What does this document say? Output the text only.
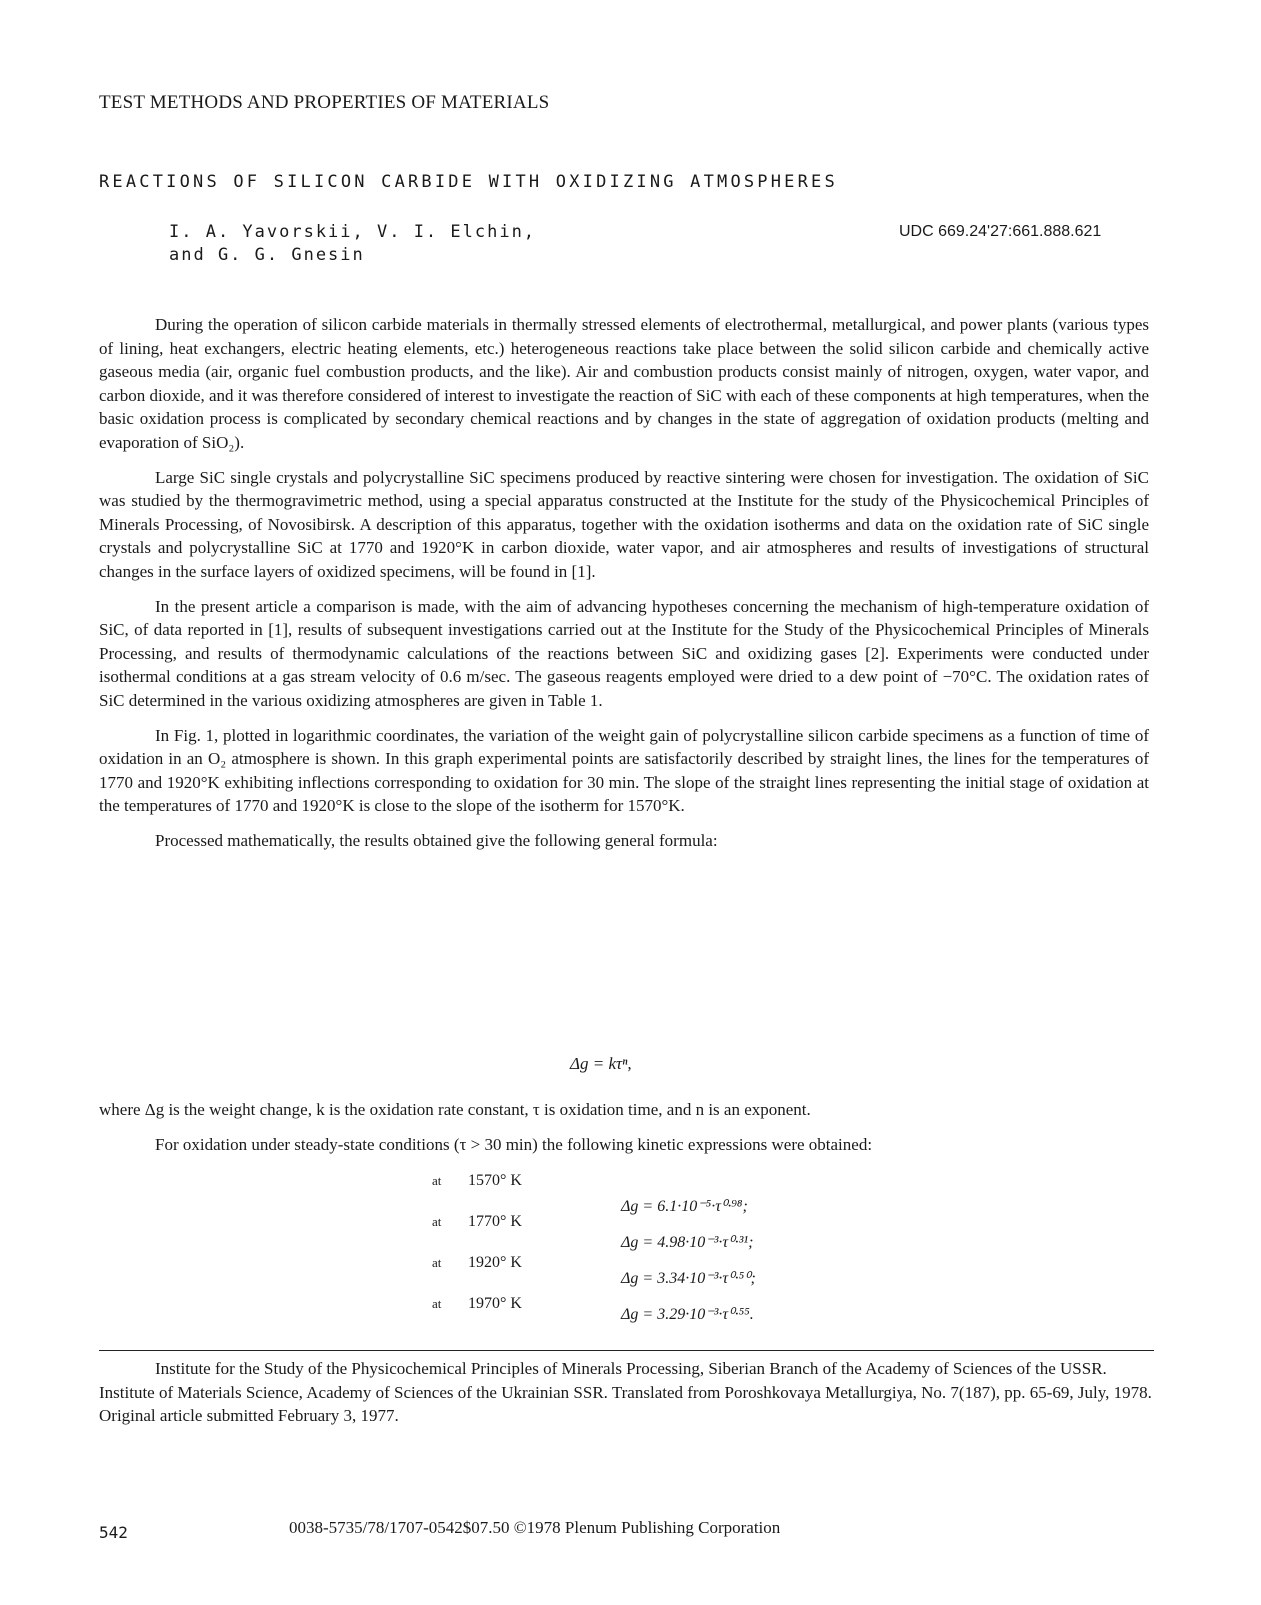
TEST METHODS AND PROPERTIES OF MATERIALS
REACTIONS OF SILICON CARBIDE WITH OXIDIZING ATMOSPHERES
I. A. Yavorskii, V. I. Elchin,
and G. G. Gnesin
UDC 669.24'27:661.888.621

During the operation of silicon carbide materials in thermally stressed elements of electrothermal, metallurgical, and power plants (various types of lining, heat exchangers, electric heating elements, etc.) heterogeneous reactions take place between the solid silicon carbide and chemically active gaseous media (air, organic fuel combustion products, and the like). Air and combustion products consist mainly of nitrogen, oxygen, water vapor, and carbon dioxide, and it was therefore considered of interest to investigate the reaction of SiC with each of these components at high temperatures, when the basic oxidation process is complicated by secondary chemical reactions and by changes in the state of aggregation of oxidation products (melting and evaporation of SiO₂).

Large SiC single crystals and polycrystalline SiC specimens produced by reactive sintering were chosen for investigation. The oxidation of SiC was studied by the thermogravimetric method, using a special apparatus constructed at the Institute for the study of the Physicochemical Principles of Minerals Processing, of Novosibirsk. A description of this apparatus, together with the oxidation isotherms and data on the oxidation rate of SiC single crystals and polycrystalline SiC at 1770 and 1920°K in carbon dioxide, water vapor, and air atmospheres and results of investigations of structural changes in the surface layers of oxidized specimens, will be found in [1].

In the present article a comparison is made, with the aim of advancing hypotheses concerning the mechanism of high-temperature oxidation of SiC, of data reported in [1], results of subsequent investigations carried out at the Institute for the Study of the Physicochemical Principles of Minerals Processing, and results of thermodynamic calculations of the reactions between SiC and oxidizing gases [2]. Experiments were conducted under isothermal conditions at a gas stream velocity of 0.6 m/sec. The gaseous reagents employed were dried to a dew point of −70°C. The oxidation rates of SiC determined in the various oxidizing atmospheres are given in Table 1.

In Fig. 1, plotted in logarithmic coordinates, the variation of the weight gain of polycrystalline silicon carbide specimens as a function of time of oxidation in an O₂ atmosphere is shown. In this graph experimental points are satisfactorily described by straight lines, the lines for the temperatures of 1770 and 1920°K exhibiting inflections corresponding to oxidation for 30 min. The slope of the straight lines representing the initial stage of oxidation at the temperatures of 1770 and 1920°K is close to the slope of the isotherm for 1570°K.

Processed mathematically, the results obtained give the following general formula:

Δg = kτⁿ,

where Δg is the weight change, k is the oxidation rate constant, τ is oxidation time, and n is an exponent.

For oxidation under steady-state conditions (τ > 30 min) the following kinetic expressions were obtained:

at 1570° K
at 1770° K
at 1920° K
at 1970° K
Δg = 6.1·10⁻⁵·τ⁰·⁹⁸;
Δg = 4.98·10⁻³·τ⁰·³¹;
Δg = 3.34·10⁻³·τ⁰·⁵⁰;
Δg = 3.29·10⁻³·τ⁰·⁵⁵.

Institute for the Study of the Physicochemical Principles of Minerals Processing, Siberian Branch of the Academy of Sciences of the USSR. Institute of Materials Science, Academy of Sciences of the Ukrainian SSR. Translated from Poroshkovaya Metallurgiya, No. 7(187), pp. 65-69, July, 1978. Original article submitted February 3, 1977.

542	0038-5735/78/1707-0542$07.50 ©1978 Plenum Publishing Corporation
